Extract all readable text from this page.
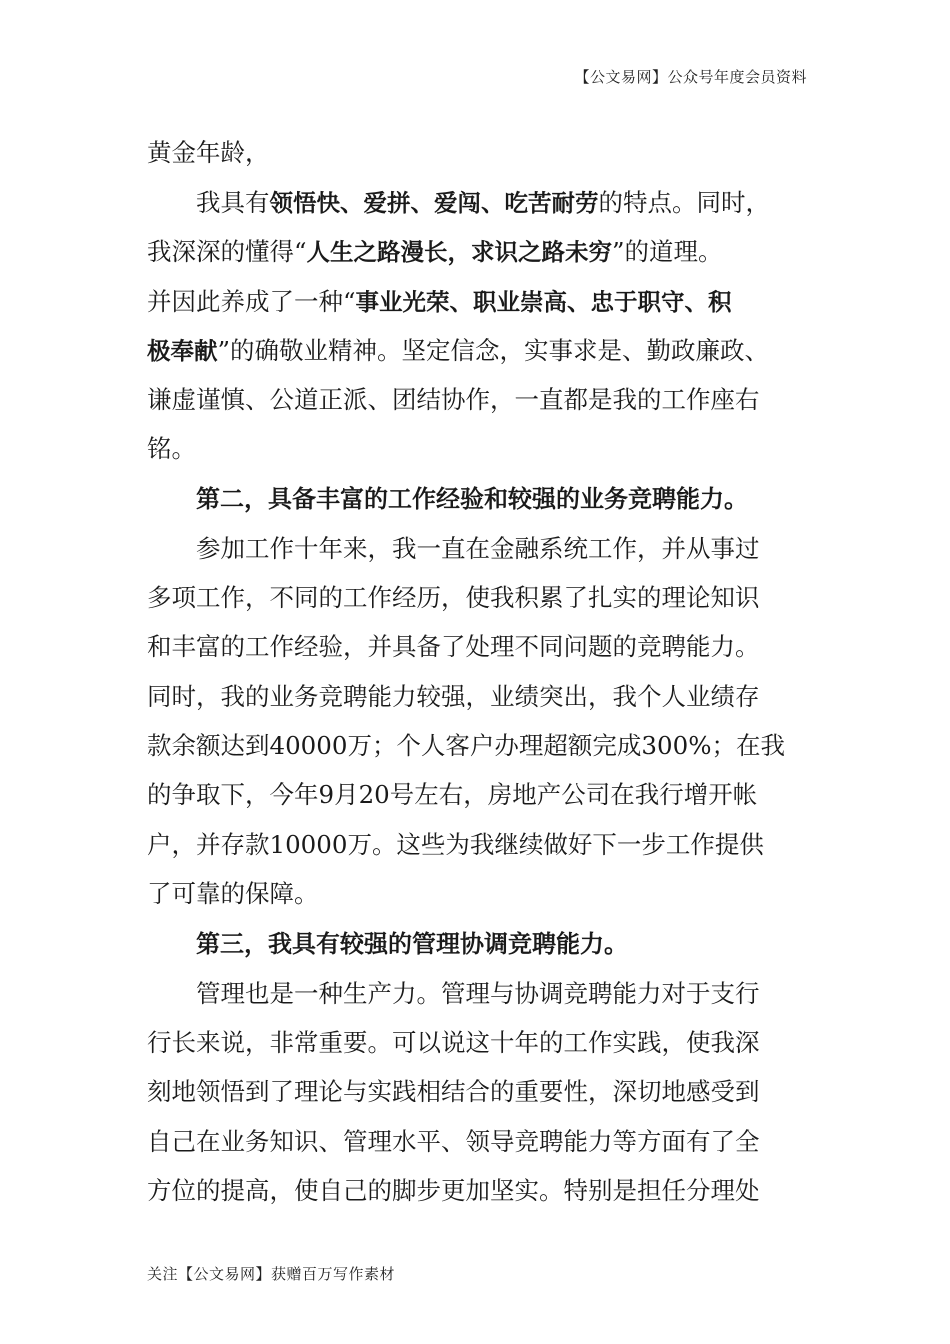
【公文易网】公众号年度会员资料
黄金年龄，
我具有领悟快、爱拼、爱闯、吃苦耐劳的特点。同时，
我深深的懂得“人生之路漫长，求识之路未穷”的道理。
并因此养成了一种“事业光荣、职业崇高、忠于职守、积
极奉献”的确敬业精神。坚定信念，实事求是、勤政廉政、
谦虚谨慎、公道正派、团结协作，一直都是我的工作座右
铭。
第二，具备丰富的工作经验和较强的业务竞聘能力。
参加工作十年来，我一直在金融系统工作，并从事过
多项工作，不同的工作经历，使我积累了扎实的理论知识
和丰富的工作经验，并具备了处理不同问题的竞聘能力。
同时，我的业务竞聘能力较强，业绩突出，我个人业绩存
款余额达到40000万；个人客户办理超额完成300%；在我
的争取下，今年9月20号左右，房地产公司在我行增开帐
户，并存款10000万。这些为我继续做好下一步工作提供
了可靠的保障。
第三，我具有较强的管理协调竞聘能力。
管理也是一种生产力。管理与协调竞聘能力对于支行
行长来说，非常重要。可以说这十年的工作实践，使我深
刻地领悟到了理论与实践相结合的重要性，深切地感受到
自己在业务知识、管理水平、领导竞聘能力等方面有了全
方位的提高，使自己的脚步更加坚实。特别是担任分理处
关注【公文易网】获赠百万写作素材
